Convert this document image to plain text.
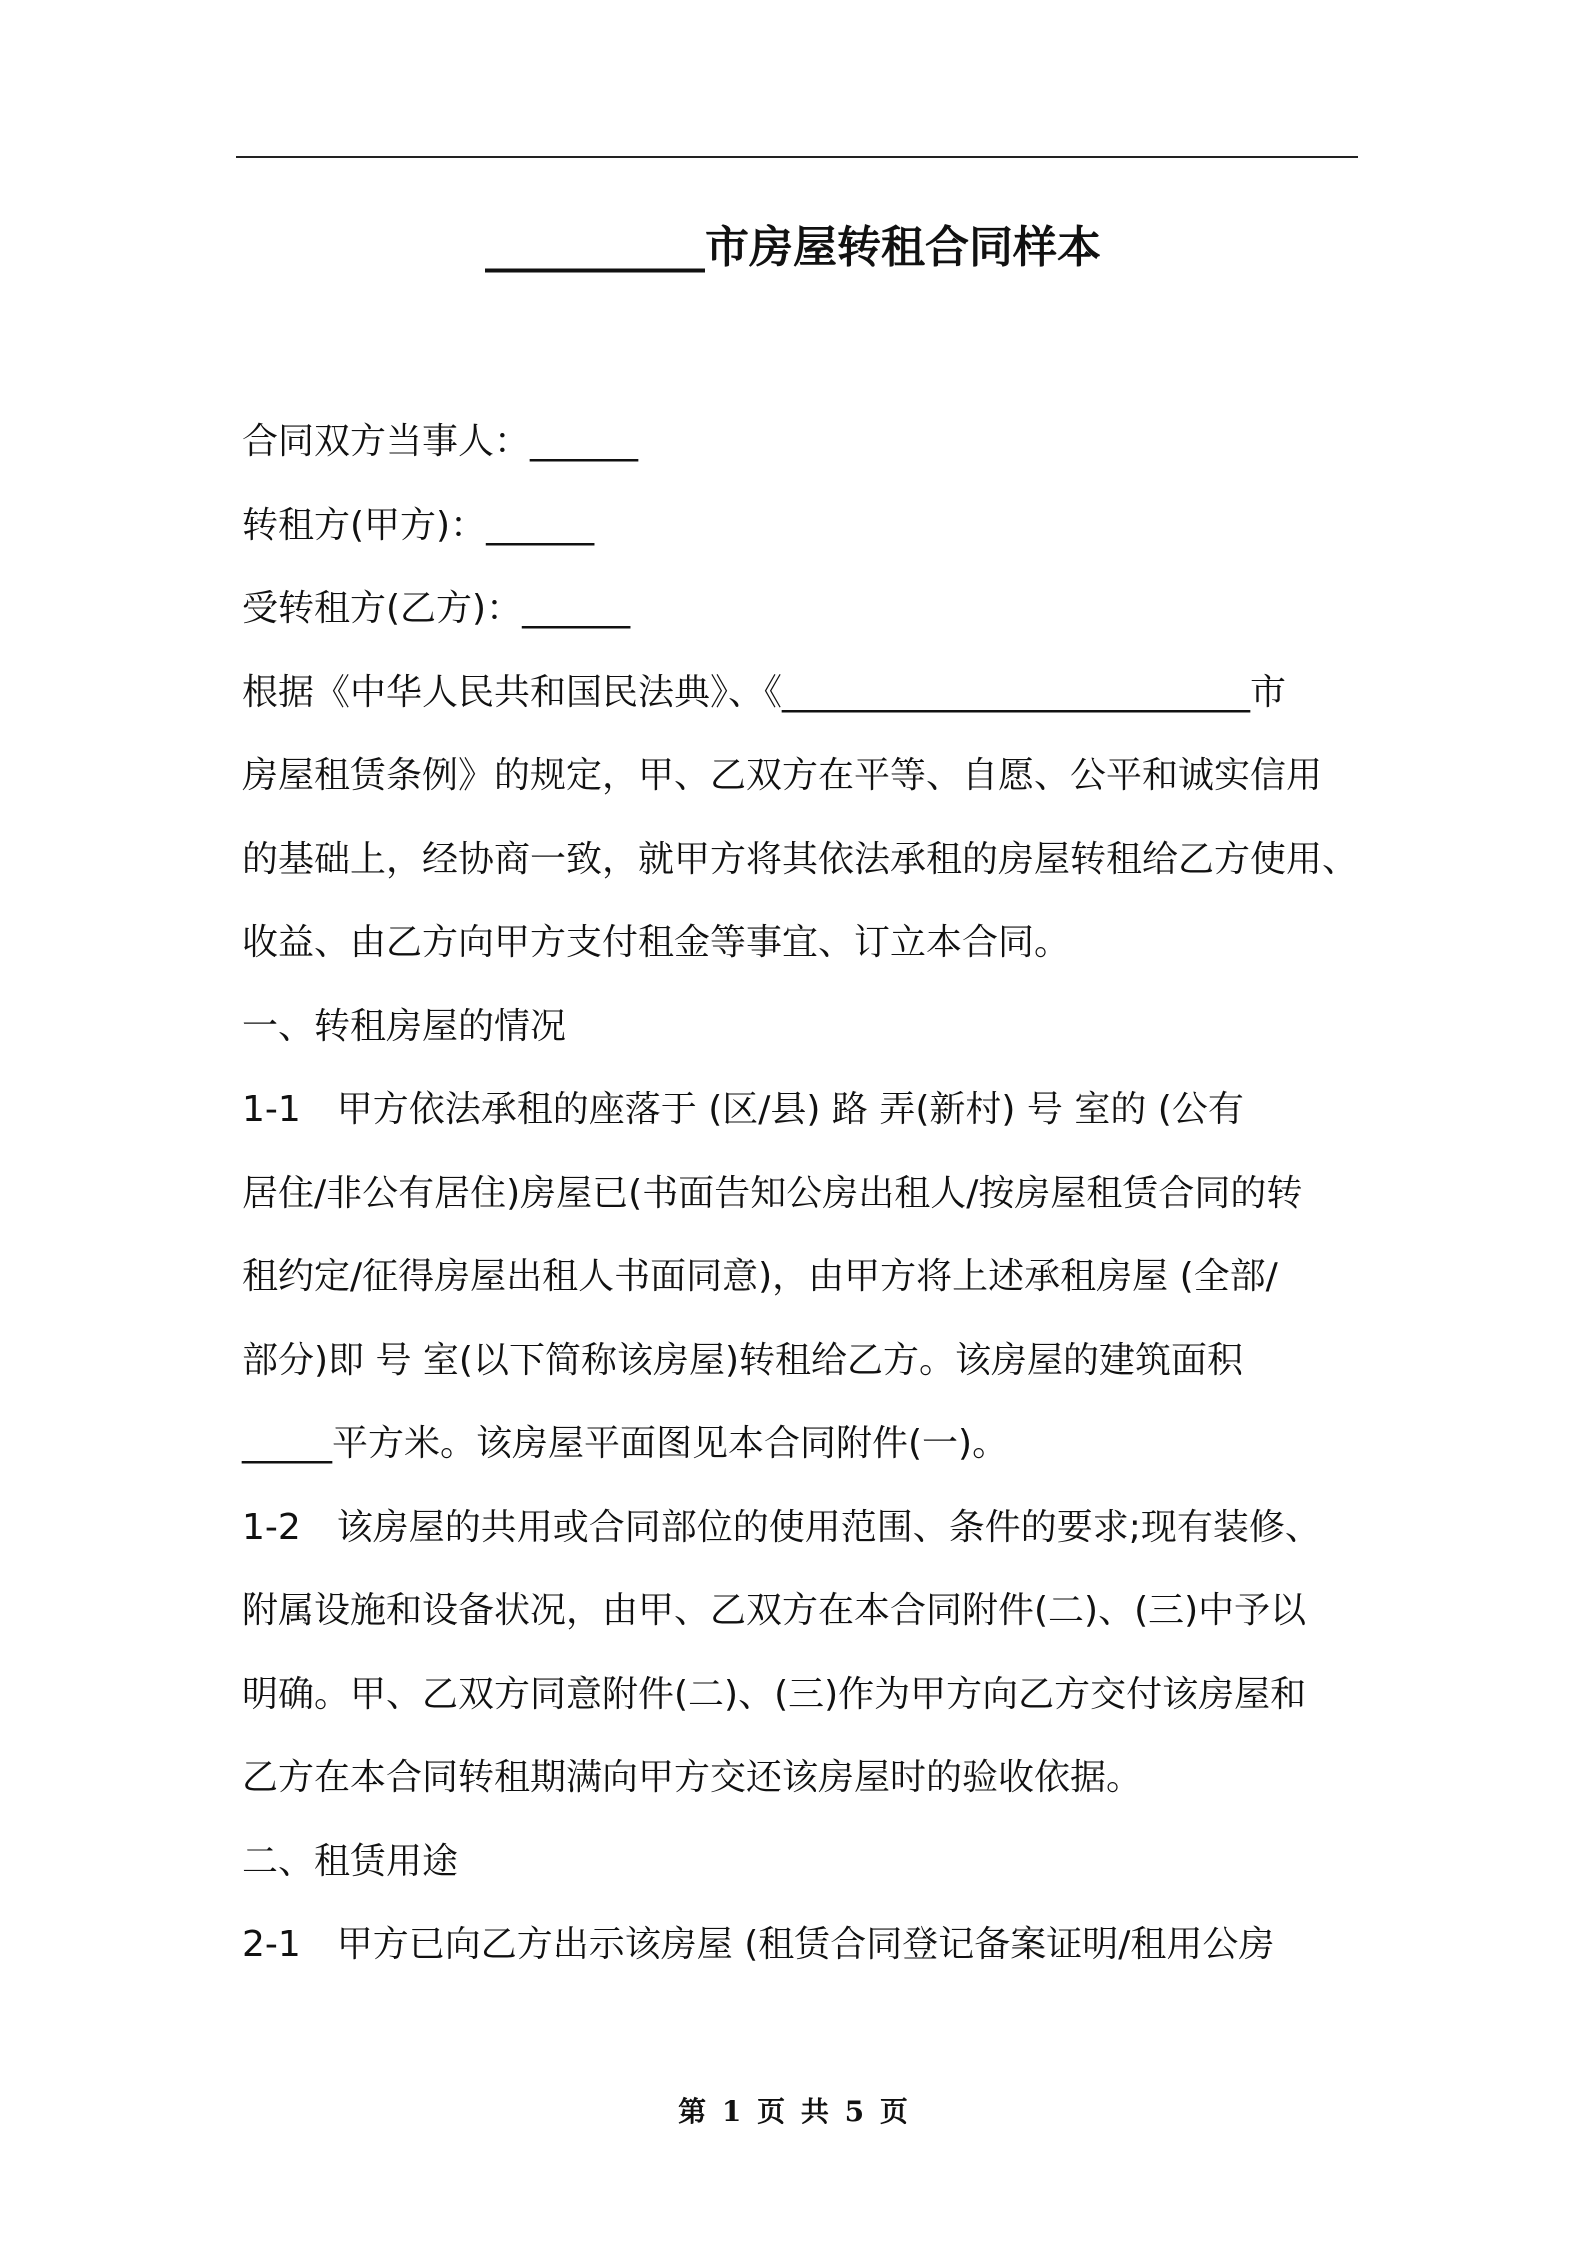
__________市房屋转租合同样本
合同双方当事人：______
转租方(甲方)：______
受转租方(乙方)：______
根据《中华人民共和国民法典》、《__________________________市
房屋租赁条例》的规定，甲、乙双方在平等、自愿、公平和诚实信用
的基础上，经协商一致，就甲方将其依法承租的房屋转租给乙方使用、
收益、由乙方向甲方支付租金等事宜、订立本合同。
一、转租房屋的情况
1-1　甲方依法承租的座落于 (区/县) 路 弄(新村) 号 室的 (公有
居住/非公有居住)房屋已(书面告知公房出租人/按房屋租赁合同的转
租约定/征得房屋出租人书面同意)，由甲方将上述承租房屋 (全部/
部分)即 号 室(以下简称该房屋)转租给乙方。该房屋的建筑面积
_____平方米。该房屋平面图见本合同附件(一)。
1-2　该房屋的共用或合同部位的使用范围、条件的要求;现有装修、
附属设施和设备状况，由甲、乙双方在本合同附件(二)、(三)中予以
明确。甲、乙双方同意附件(二)、(三)作为甲方向乙方交付该房屋和
乙方在本合同转租期满向甲方交还该房屋时的验收依据。
二、租赁用途
2-1　甲方已向乙方出示该房屋 (租赁合同登记备案证明/租用公房
第 1 页 共 5 页
